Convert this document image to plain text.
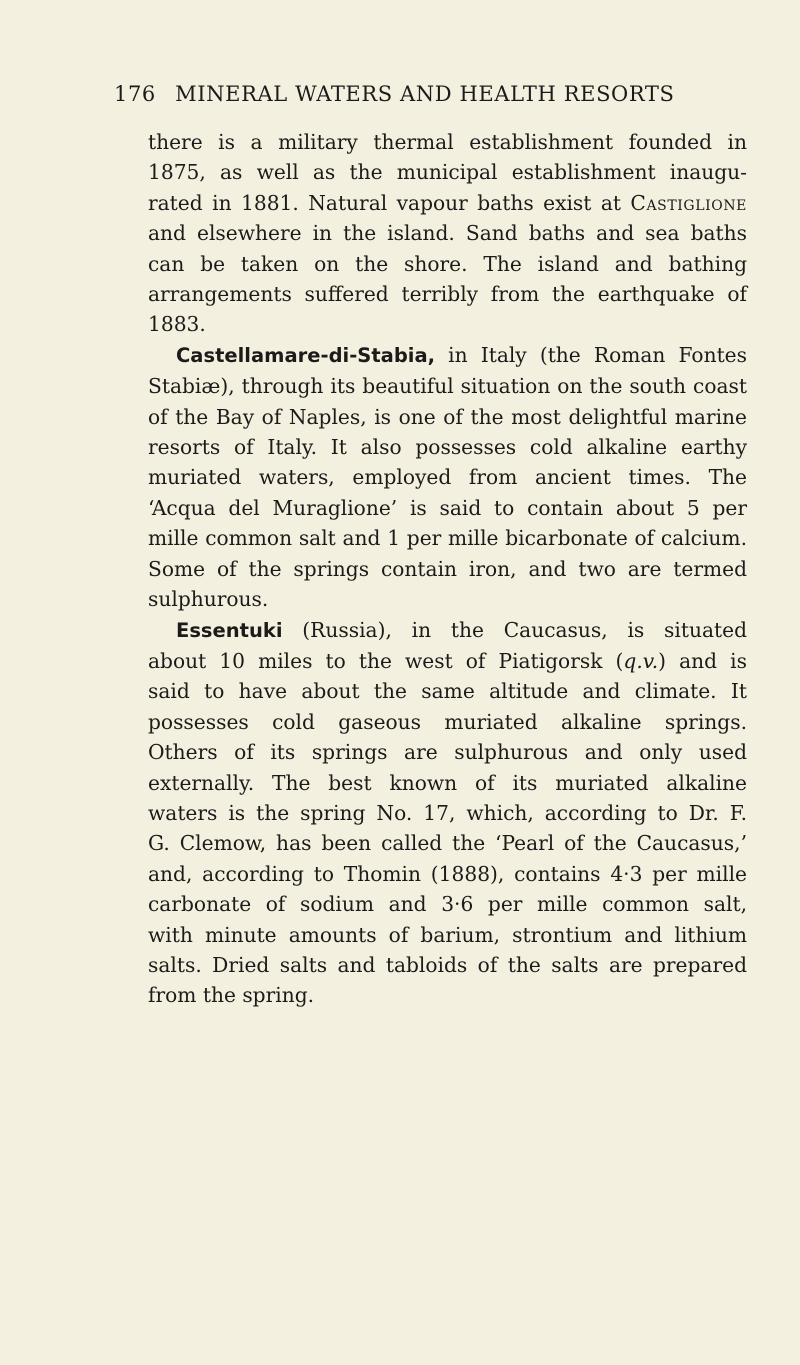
176 MINERAL WATERS AND HEALTH RESORTS
there is a military thermal establishment founded in
1875, as well as the municipal establishment inaugu-
rated in 1881. Natural vapour baths exist at Castiglione
and elsewhere in the island. Sand baths and sea baths
can be taken on the shore. The island and bathing
arrangements suffered terribly from the earthquake of
1883.
Castellamare-di-Stabia, in Italy (the Roman Fontes
Stabiæ), through its beautiful situation on the south coast
of the Bay of Naples, is one of the most delightful marine
resorts of Italy. It also possesses cold alkaline earthy
muriated waters, employed from ancient times. The
‘Acqua del Muraglione’ is said to contain about 5 per
mille common salt and 1 per mille bicarbonate of calcium.
Some of the springs contain iron, and two are termed
sulphurous.
Essentuki (Russia), in the Caucasus, is situated
about 10 miles to the west of Piatigorsk (q.v.) and is
said to have about the same altitude and climate. It
possesses cold gaseous muriated alkaline springs.
Others of its springs are sulphurous and only used
externally. The best known of its muriated alkaline
waters is the spring No. 17, which, according to Dr. F.
G. Clemow, has been called the ‘Pearl of the Caucasus,’
and, according to Thomin (1888), contains 4·3 per mille
carbonate of sodium and 3·6 per mille common salt,
with minute amounts of barium, strontium and lithium
salts. Dried salts and tabloids of the salts are prepared
from the spring.
